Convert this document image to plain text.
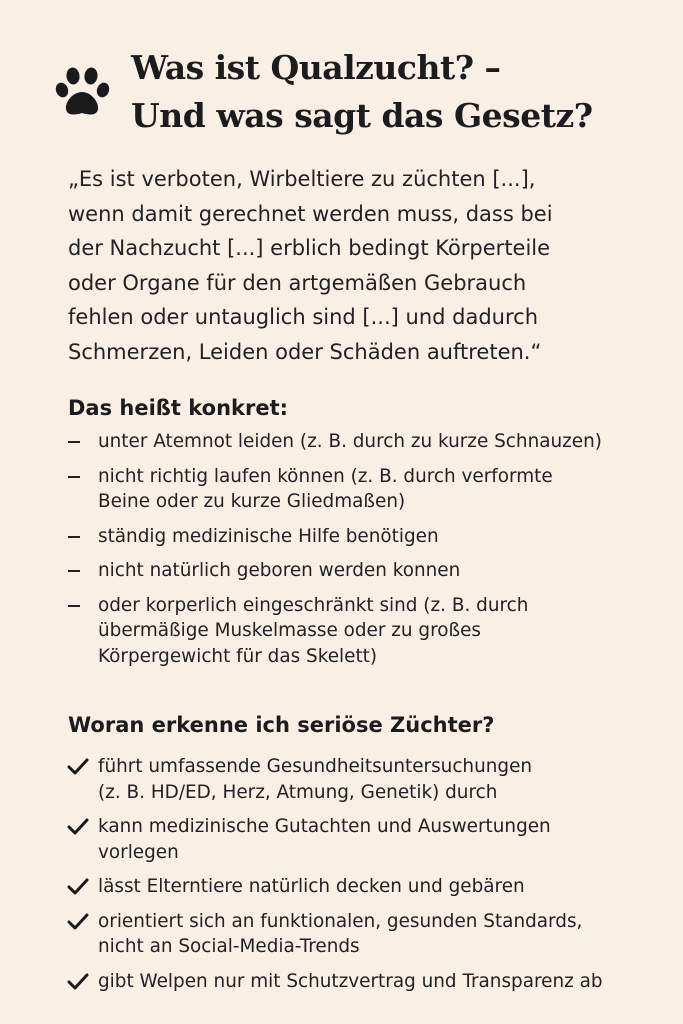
Was ist Qualzucht? –
Und was sagt das Gesetz?
„Es ist verboten, Wirbeltiere zu züchten [...],
wenn damit gerechnet werden muss, dass bei
der Nachzucht [...] erblich bedingt Körperteile
oder Organe für den artgemäßen Gebrauch
fehlen oder untauglich sind [...] und dadurch
Schmerzen, Leiden oder Schäden auftreten.“
Das heißt konkret:
unter Atemnot leiden (z. B. durch zu kurze Schnauzen)
nicht richtig laufen können (z. B. durch verformte
Beine oder zu kurze Gliedmaßen)
ständig medizinische Hilfe benötigen
nicht natürlich geboren werden konnen
oder korperlich eingeschränkt sind (z. B. durch
übermäßige Muskelmasse oder zu großes
Körpergewicht für das Skelett)
Woran erkenne ich seriöse Züchter?
führt umfassende Gesundheitsuntersuchungen
(z. B. HD/ED, Herz, Atmung, Genetik) durch
kann medizinische Gutachten und Auswertungen
vorlegen
lässt Elterntiere natürlich decken und gebären
orientiert sich an funktionalen, gesunden Standards,
nicht an Social-Media-Trends
gibt Welpen nur mit Schutzvertrag und Transparenz ab
